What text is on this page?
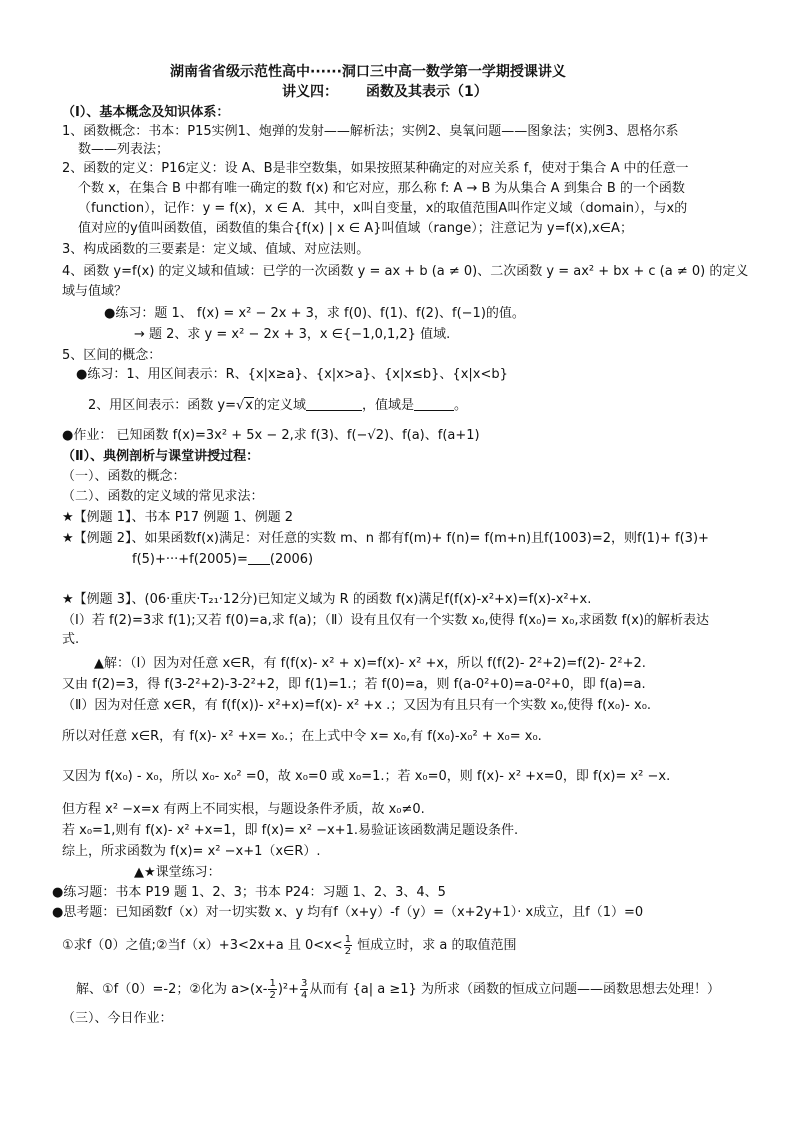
湖南省省级示范性高中······洞口三中高一数学第一学期授课讲义
讲义四： 函数及其表示（1）
（Ⅰ）、基本概念及知识体系：
1、函数概念：书本：P15实例1、炮弹的发射——解析法；实例2、臭氧问题——图象法；实例3、恩格尔系
数——列表法；
2、函数的定义：P16定义：设 A、B是非空数集，如果按照某种确定的对应关系 f，使对于集合 A 中的任意一
个数 x，在集合 B 中都有唯一确定的数 f(x) 和它对应，那么称 f: A → B 为从集合 A 到集合 B 的一个函数
（function），记作：y = f(x)，x ∈ A．其中，x叫自变量，x的取值范围A叫作定义域（domain），与x的
值对应的y值叫函数值，函数值的集合{f(x) | x ∈ A}叫值域（range）；注意记为 y=f(x),x∈A；
3、构成函数的三要素是：定义域、值域、对应法则。
4、函数 y=f(x) 的定义域和值域：已学的一次函数 y = ax + b (a ≠ 0)、二次函数 y = ax² + bx + c (a ≠ 0) 的定义
域与值域？
●练习：题 1、 f(x) = x² − 2x + 3，求 f(0)、f(1)、f(2)、f(−1)的值。
→ 题 2、求 y = x² − 2x + 3，x ∈{−1,0,1,2} 值域.
5、区间的概念：
●练习：1、用区间表示：R、{x|x≥a}、{x|x>a}、{x|x≤b}、{x|x<b}
2、用区间表示：函数 y=√x的定义域	，值域是	。
●作业： 已知函数 f(x)=3x² + 5x − 2,求 f(3)、f(−√2)、f(a)、f(a+1)
（Ⅱ）、典例剖析与课堂讲授过程：
（一）、函数的概念：
（二）、函数的定义域的常见求法：
★【例题 1】、书本 P17 例题 1、例题 2
★【例题 2】、如果函数f(x)满足：对任意的实数 m、n 都有f(m)+ f(n)= f(m+n)且f(1003)=2，则f(1)+ f(3)+
f(5)+···+f(2005)= (2006)
★【例题 3】、(06·重庆·T₂₁·12分)已知定义域为 R 的函数 f(x)满足f(f(x)-x²+x)=f(x)-x²+x.
（Ⅰ）若 f(2)=3求 f(1);又若 f(0)=a,求 f(a)；（Ⅱ）设有且仅有一个实数 x₀,使得 f(x₀)= x₀,求函数 f(x)的解析表达
式.
▲解：（Ⅰ）因为对任意 x∈R，有 f(f(x)- x² + x)=f(x)- x² +x，所以 f(f(2)- 2²+2)=f(2)- 2²+2.
又由 f(2)=3，得 f(3-2²+2)-3-2²+2，即 f(1)=1.；若 f(0)=a，则 f(a-0²+0)=a-0²+0，即 f(a)=a.
（Ⅱ）因为对任意 x∈R，有 f(f(x))- x²+x)=f(x)- x² +x .；又因为有且只有一个实数 x₀,使得 f(x₀)- x₀.
所以对任意 x∈R，有 f(x)- x² +x= x₀.；在上式中令 x= x₀,有 f(x₀)-x₀² + x₀= x₀.
又因为 f(x₀) - x₀，所以 x₀- x₀² =0，故 x₀=0 或 x₀=1.；若 x₀=0，则 f(x)- x² +x=0，即 f(x)= x² −x.
但方程 x² −x=x 有两上不同实根，与题设条件矛质，故 x₀≠0.
若 x₀=1,则有 f(x)- x² +x=1，即 f(x)= x² −x+1.易验证该函数满足题设条件.
综上，所求函数为 f(x)= x² −x+1（x∈R）.
▲★课堂练习：
●练习题：书本 P19 题 1、2、3；书本 P24：习题 1、2、3、4、5
●思考题：已知函数f（x）对一切实数 x、y 均有f（x+y）-f（y）=（x+2y+1）· x成立，且f（1）=0
①求f（0）之值;②当f（x）+3<2x+a 且 $0<x< \frac{1}{2}$ 恒成立时，求 a 的取值范围
解、①f（0）=-2；②化为 $a>(x- \frac{1}{2} )^2+ \frac{3}{4}$ 从而有 {a| a ≥1} 为所求（函数的恒成立问题——函数思想去处理！）
（三）、今日作业：
